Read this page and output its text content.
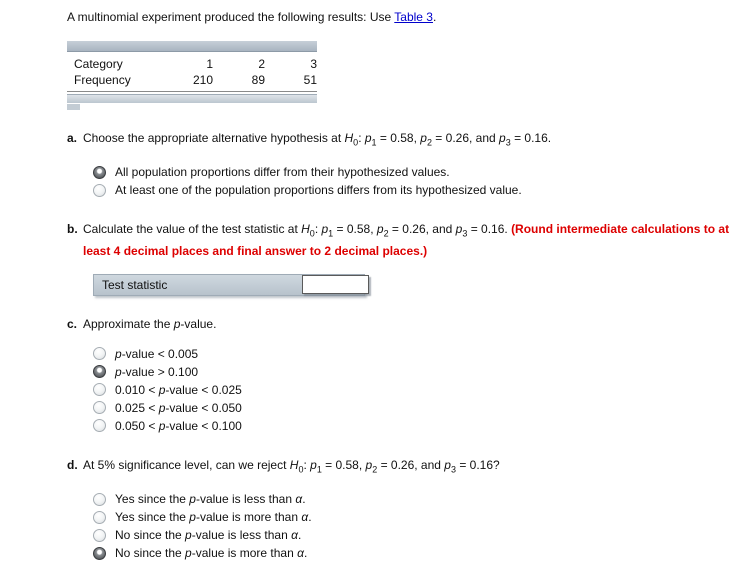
A multinomial experiment produced the following results: Use Table 3.

Category	1	2	3
Frequency	210	89	51
a. Choose the appropriate alternative hypothesis at $H_0$: $p_1 = 0.58$, $p_2 = 0.26$, and $p_3 = 0.16$.
All population proportions differ from their hypothesized values.
At least one of the population proportions differs from its hypothesized value.
b. Calculate the value of the test statistic at $H_0$: $p_1 = 0.58$, $p_2 = 0.26$, and $p_3 = 0.16$. (Round intermediate calculations to at least 4 decimal places and final answer to 2 decimal places.)
Test statistic
c. Approximate the p-value.
p-value < 0.005
p-value > 0.100
0.010 < p-value < 0.025
0.025 < p-value < 0.050
0.050 < p-value < 0.100
d. At 5% significance level, can we reject $H_0$: $p_1 = 0.58$, $p_2 = 0.26$, and $p_3 = 0.16$?
Yes since the p-value is less than α.
Yes since the p-value is more than α.
No since the p-value is less than α.
No since the p-value is more than α.
